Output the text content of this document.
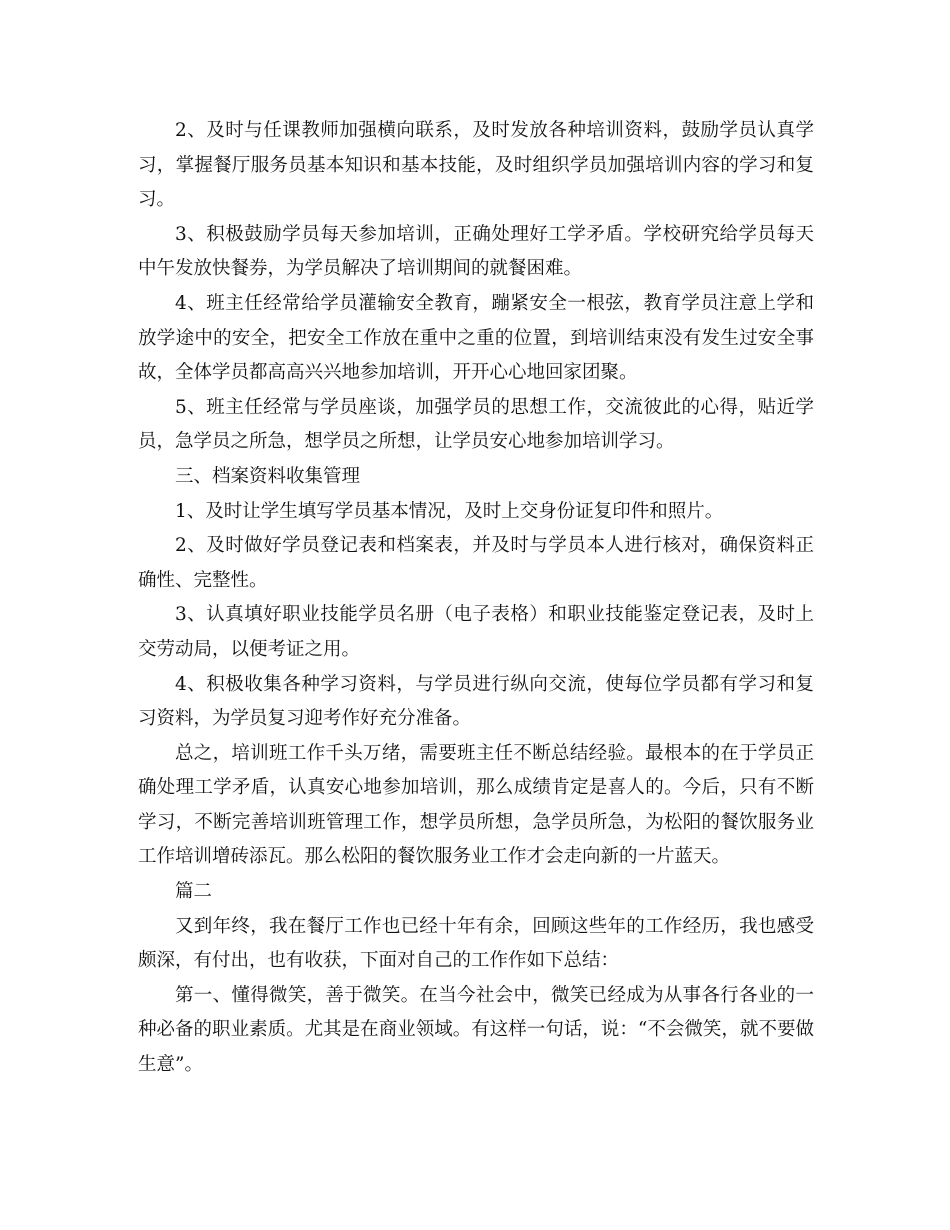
2、及时与任课教师加强横向联系，及时发放各种培训资料，鼓励学员认真学习，掌握餐厅服务员基本知识和基本技能，及时组织学员加强培训内容的学习和复习。

3、积极鼓励学员每天参加培训，正确处理好工学矛盾。学校研究给学员每天中午发放快餐券，为学员解决了培训期间的就餐困难。

4、班主任经常给学员灌输安全教育，蹦紧安全一根弦，教育学员注意上学和放学途中的安全，把安全工作放在重中之重的位置，到培训结束没有发生过安全事故，全体学员都高高兴兴地参加培训，开开心心地回家团聚。

5、班主任经常与学员座谈，加强学员的思想工作，交流彼此的心得，贴近学员，急学员之所急，想学员之所想，让学员安心地参加培训学习。

三、档案资料收集管理

1、及时让学生填写学员基本情况，及时上交身份证复印件和照片。

2、及时做好学员登记表和档案表，并及时与学员本人进行核对，确保资料正确性、完整性。

3、认真填好职业技能学员名册（电子表格）和职业技能鉴定登记表，及时上交劳动局，以便考证之用。

4、积极收集各种学习资料，与学员进行纵向交流，使每位学员都有学习和复习资料，为学员复习迎考作好充分准备。

总之，培训班工作千头万绪，需要班主任不断总结经验。最根本的在于学员正确处理工学矛盾，认真安心地参加培训，那么成绩肯定是喜人的。今后，只有不断学习，不断完善培训班管理工作，想学员所想，急学员所急，为松阳的餐饮服务业工作培训增砖添瓦。那么松阳的餐饮服务业工作才会走向新的一片蓝天。

篇二

又到年终，我在餐厅工作也已经十年有余，回顾这些年的工作经历，我也感受颇深，有付出，也有收获，下面对自己的工作作如下总结：

第一、懂得微笑，善于微笑。在当今社会中，微笑已经成为从事各行各业的一种必备的职业素质。尤其是在商业领域。有这样一句话，说：“不会微笑，就不要做生意”。
